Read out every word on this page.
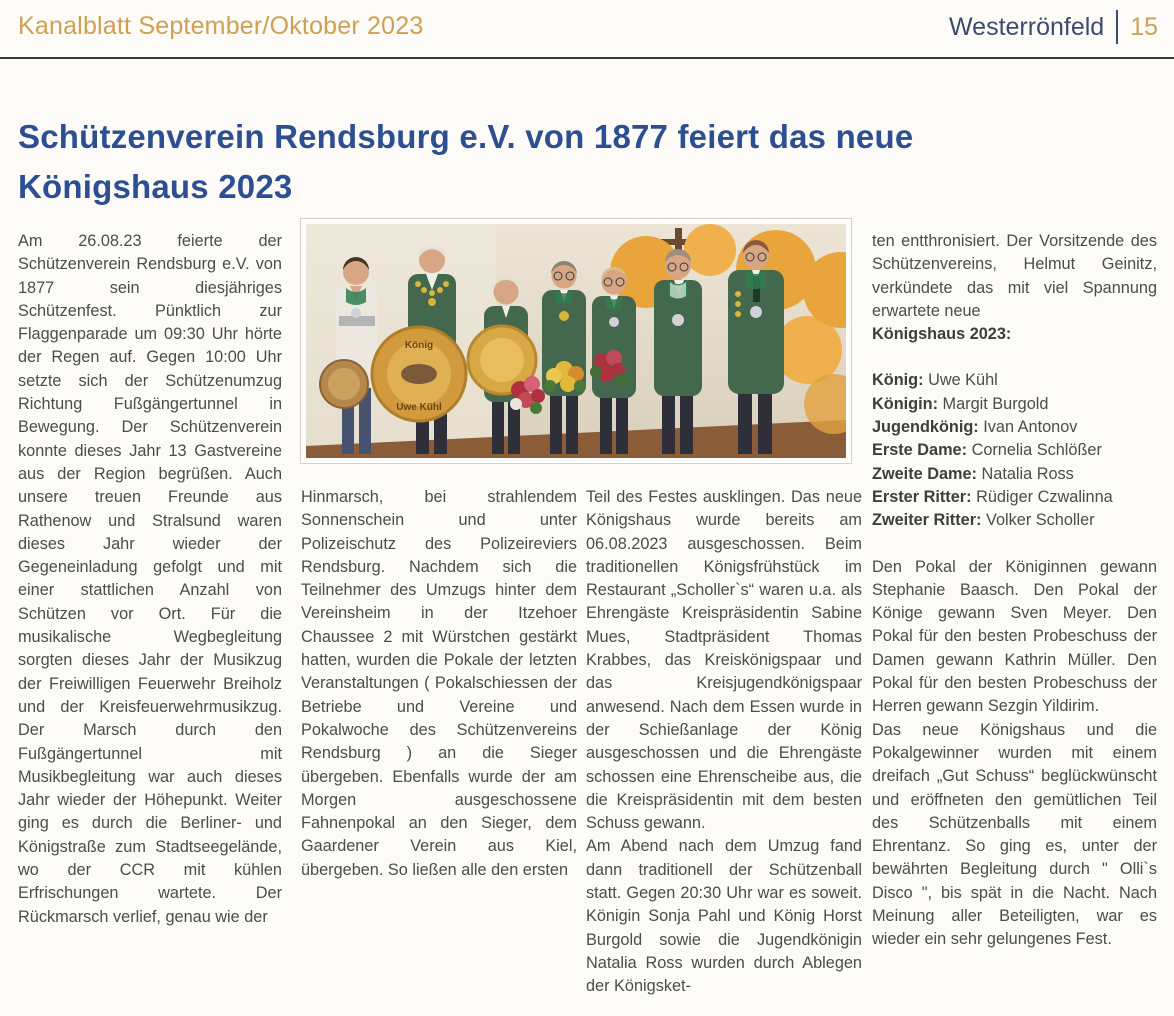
Kanalblatt September/Oktober 2023	Westerrönfeld 15
Schützenverein Rendsburg e.V. von 1877 feiert das neue Königshaus 2023
König
Uwe Kühl

Am 26.08.23 feierte der Schützenverein Rendsburg e.V. von 1877 sein diesjähriges Schützenfest. Pünktlich zur Flaggenparade um 09:30 Uhr hörte der Regen auf. Gegen 10:00 Uhr setzte sich der Schützenumzug Richtung Fußgängertunnel in Bewegung. Der Schützenverein konnte dieses Jahr 13 Gastvereine aus der Region begrüßen. Auch unsere treuen Freunde aus Rathenow und Stralsund waren dieses Jahr wieder der Gegeneinladung gefolgt und mit einer stattlichen Anzahl von Schützen vor Ort. Für die musikalische Wegbegleitung sorgten dieses Jahr der Musikzug der Freiwilligen Feuerwehr Breiholz und der Kreisfeuerwehrmusikzug. Der Marsch durch den Fußgängertunnel mit Musikbegleitung war auch dieses Jahr wieder der Höhepunkt. Weiter ging es durch die Berliner- und Königstraße zum Stadtseegelände, wo der CCR mit kühlen Erfrischungen wartete. Der Rückmarsch verlief, genau wie der

Hinmarsch, bei strahlendem Sonnenschein und unter Polizeischutz des Polizeireviers Rendsburg. Nachdem sich die Teilnehmer des Umzugs hinter dem Vereinsheim in der Itzehoer Chaussee 2 mit Würstchen gestärkt hatten, wurden die Pokale der letzten Veranstaltungen ( Pokalschiessen der Betriebe und Vereine und Pokalwoche des Schützenvereins Rendsburg ) an die Sieger übergeben. Ebenfalls wurde der am Morgen ausgeschossene Fahnenpokal an den Sieger, dem Gaardener Verein aus Kiel, übergeben. So ließen alle den ersten

Teil des Festes ausklingen. Das neue Königshaus wurde bereits am 06.08.2023 ausgeschossen. Beim traditionellen Königsfrühstück im Restaurant „Scholler`s“ waren u.a. als Ehrengäste Kreispräsidentin Sabine Mues, Stadtpräsident Thomas Krabbes, das Kreiskönigspaar und das Kreisjugendkönigspaar anwesend. Nach dem Essen wurde in der Schießanlage der König ausgeschossen und die Ehrengäste schossen eine Ehrenscheibe aus, die die Kreispräsidentin mit dem besten Schuss gewann.

Am Abend nach dem Umzug fand dann traditionell der Schützenball statt. Gegen 20:30 Uhr war es soweit. Königin Sonja Pahl und König Horst Burgold sowie die Jugendkönigin Natalia Ross wurden durch Ablegen der Königsket-

ten entthronisiert. Der Vorsitzende des Schützenvereins, Helmut Geinitz, verkündete das mit viel Spannung erwartete neue

Königshaus 2023:
König: Uwe Kühl
Königin: Margit Burgold
Jugendkönig: Ivan Antonov
Erste Dame: Cornelia Schlößer
Zweite Dame: Natalia Ross
Erster Ritter: Rüdiger Czwalinna
Zweiter Ritter: Volker Scholler

Den Pokal der Königinnen gewann Stephanie Baasch. Den Pokal der Könige gewann Sven Meyer. Den Pokal für den besten Probeschuss der Damen gewann Kathrin Müller. Den Pokal für den besten Probeschuss der Herren gewann Sezgin Yildirim.

Das neue Königshaus und die Pokalgewinner wurden mit einem dreifach „Gut Schuss“ beglückwünscht und eröffneten den gemütlichen Teil des Schützenballs mit einem Ehrentanz. So ging es, unter der bewährten Begleitung durch " Olli`s Disco ", bis spät in die Nacht. Nach Meinung aller Beteiligten, war es wieder ein sehr gelungenes Fest.
